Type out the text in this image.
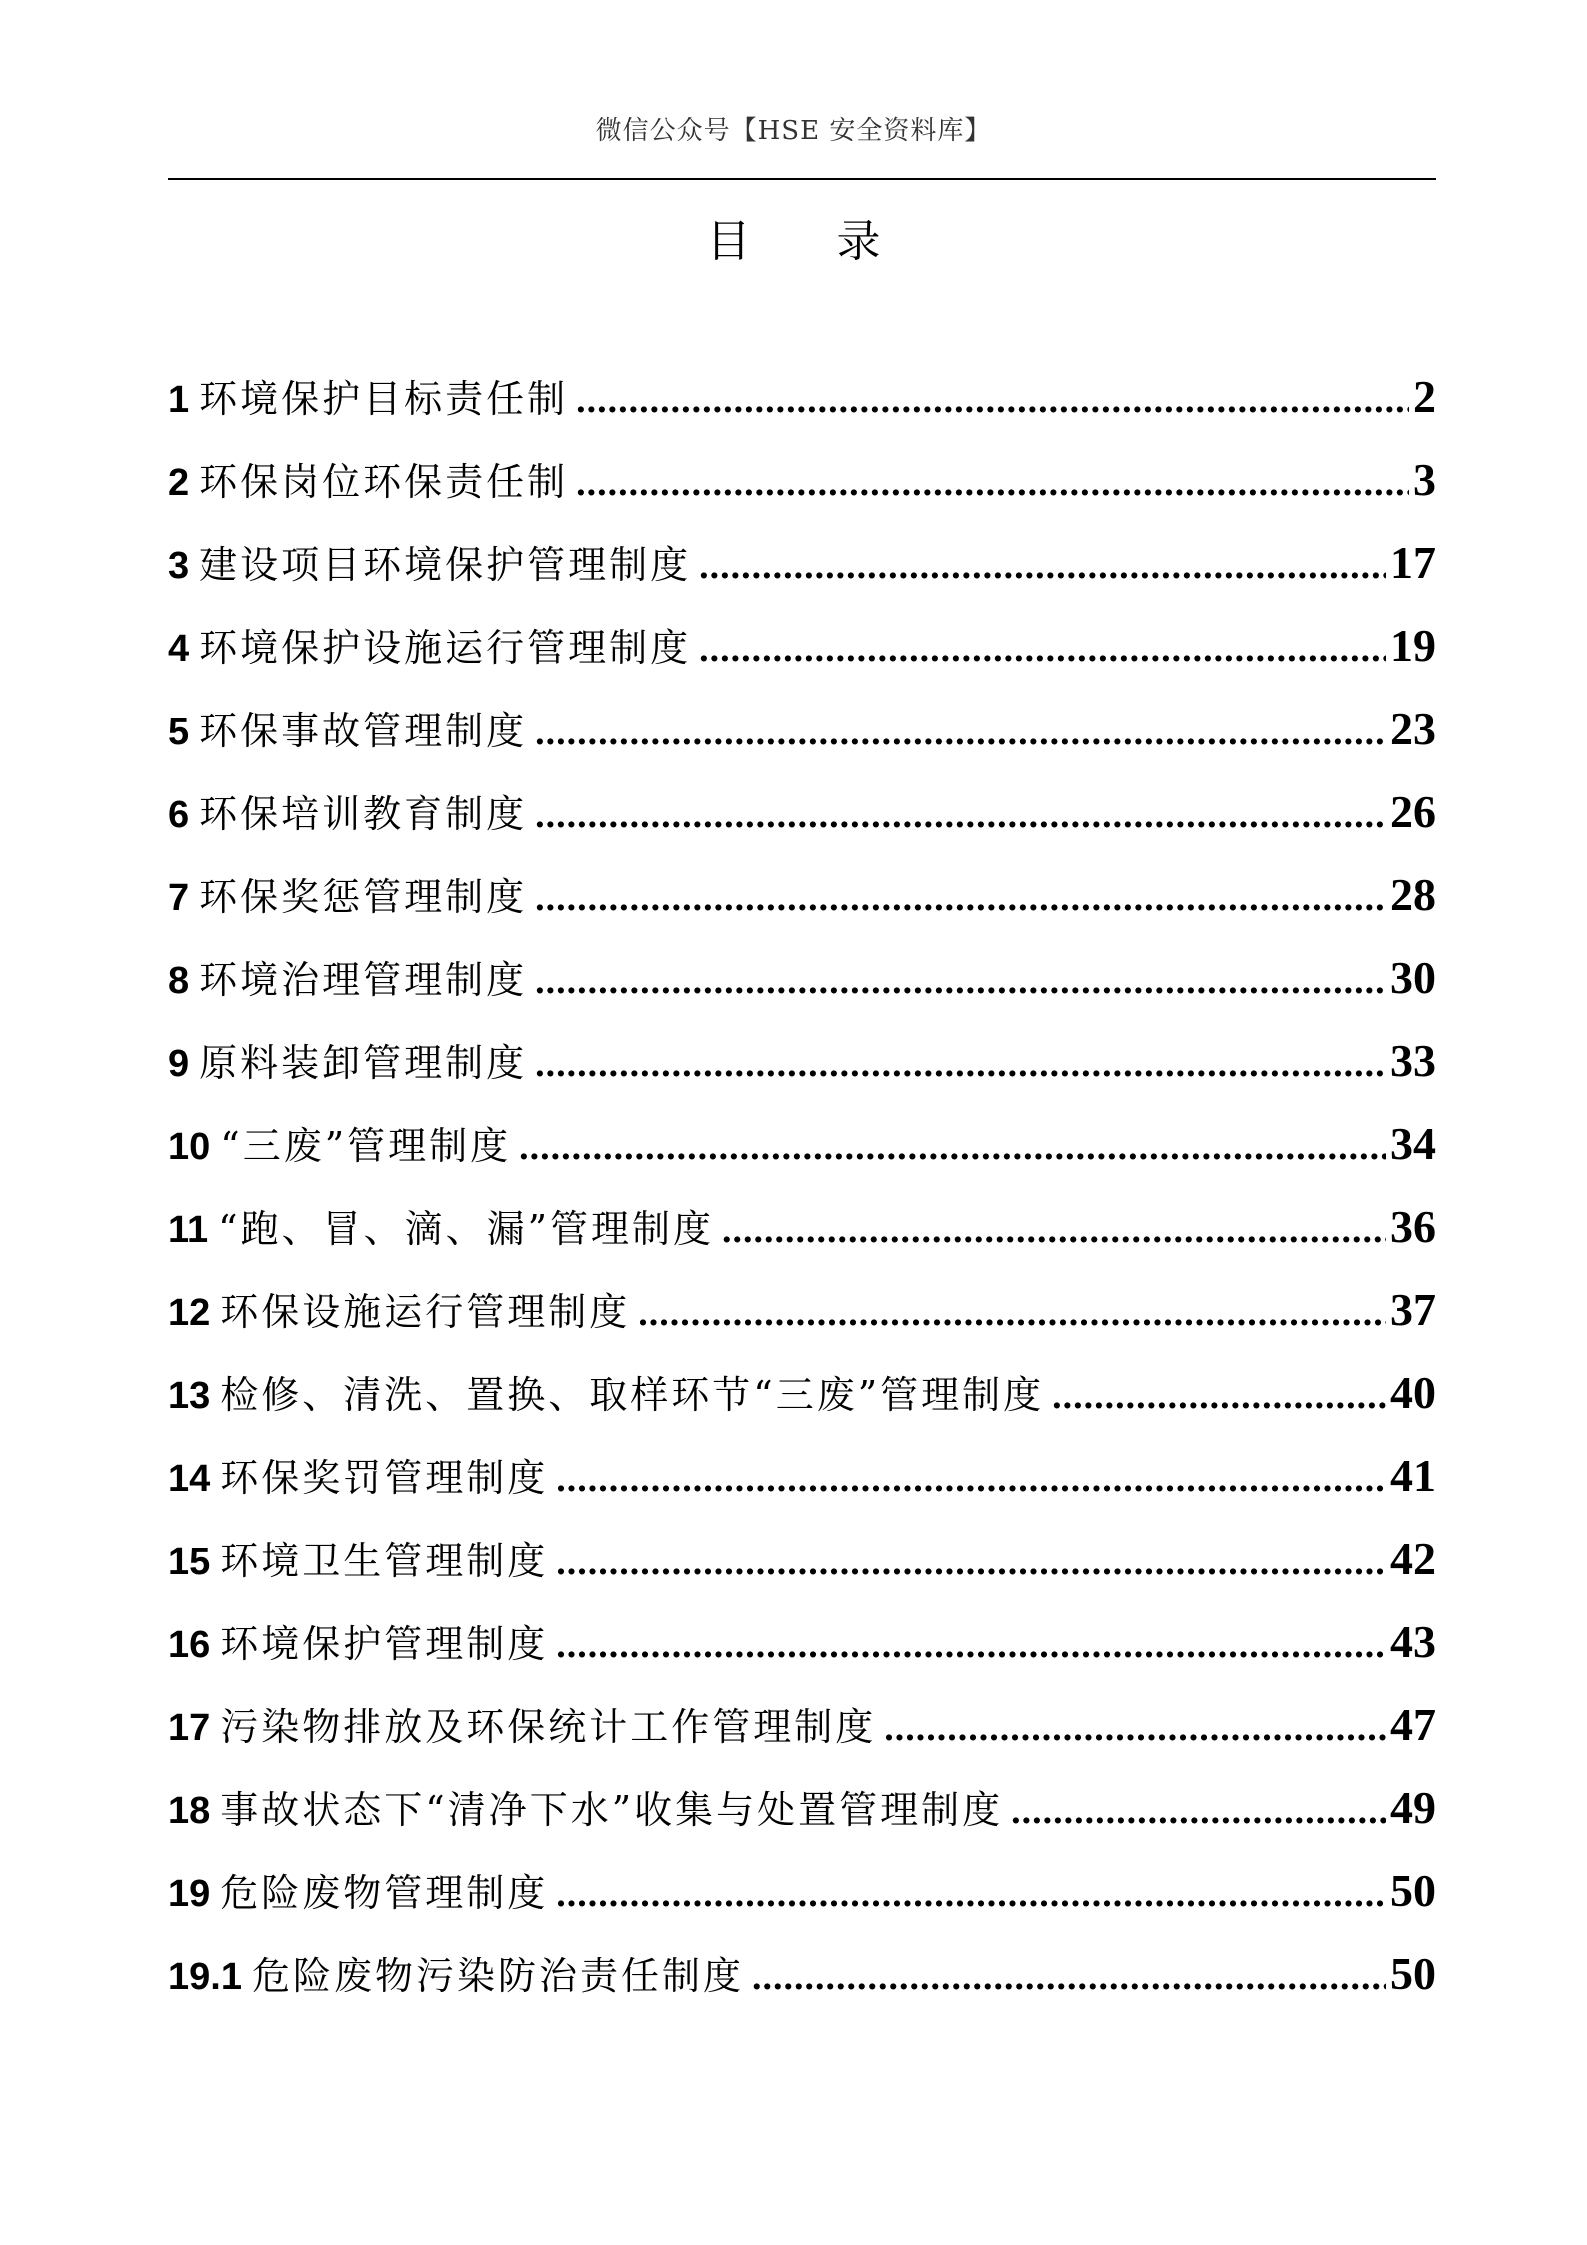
微信公众号【HSE 安全资料库】
目 录
1 环境保护目标责任制 .....	2
2 环保岗位环保责任制 .....	3
3 建设项目环境保护管理制度 .....	17
4 环境保护设施运行管理制度 .....	19
5 环保事故管理制度 .....	23
6 环保培训教育制度 .....	26
7 环保奖惩管理制度 .....	28
8 环境治理管理制度 .....	30
9 原料装卸管理制度 .....	33
10 “三废”管理制度 .....	34
11 “跑、冒、滴、漏”管理制度 .....	36
12 环保设施运行管理制度 .....	37
13 检修、清洗、置换、取样环节“三废”管理制度 .....	40
14 环保奖罚管理制度 .....	41
15 环境卫生管理制度 .....	42
16 环境保护管理制度 .....	43
17 污染物排放及环保统计工作管理制度 .....	47
18 事故状态下“清净下水”收集与处置管理制度 .....	49
19 危险废物管理制度 .....	50
19.1 危险废物污染防治责任制度 .....	50
